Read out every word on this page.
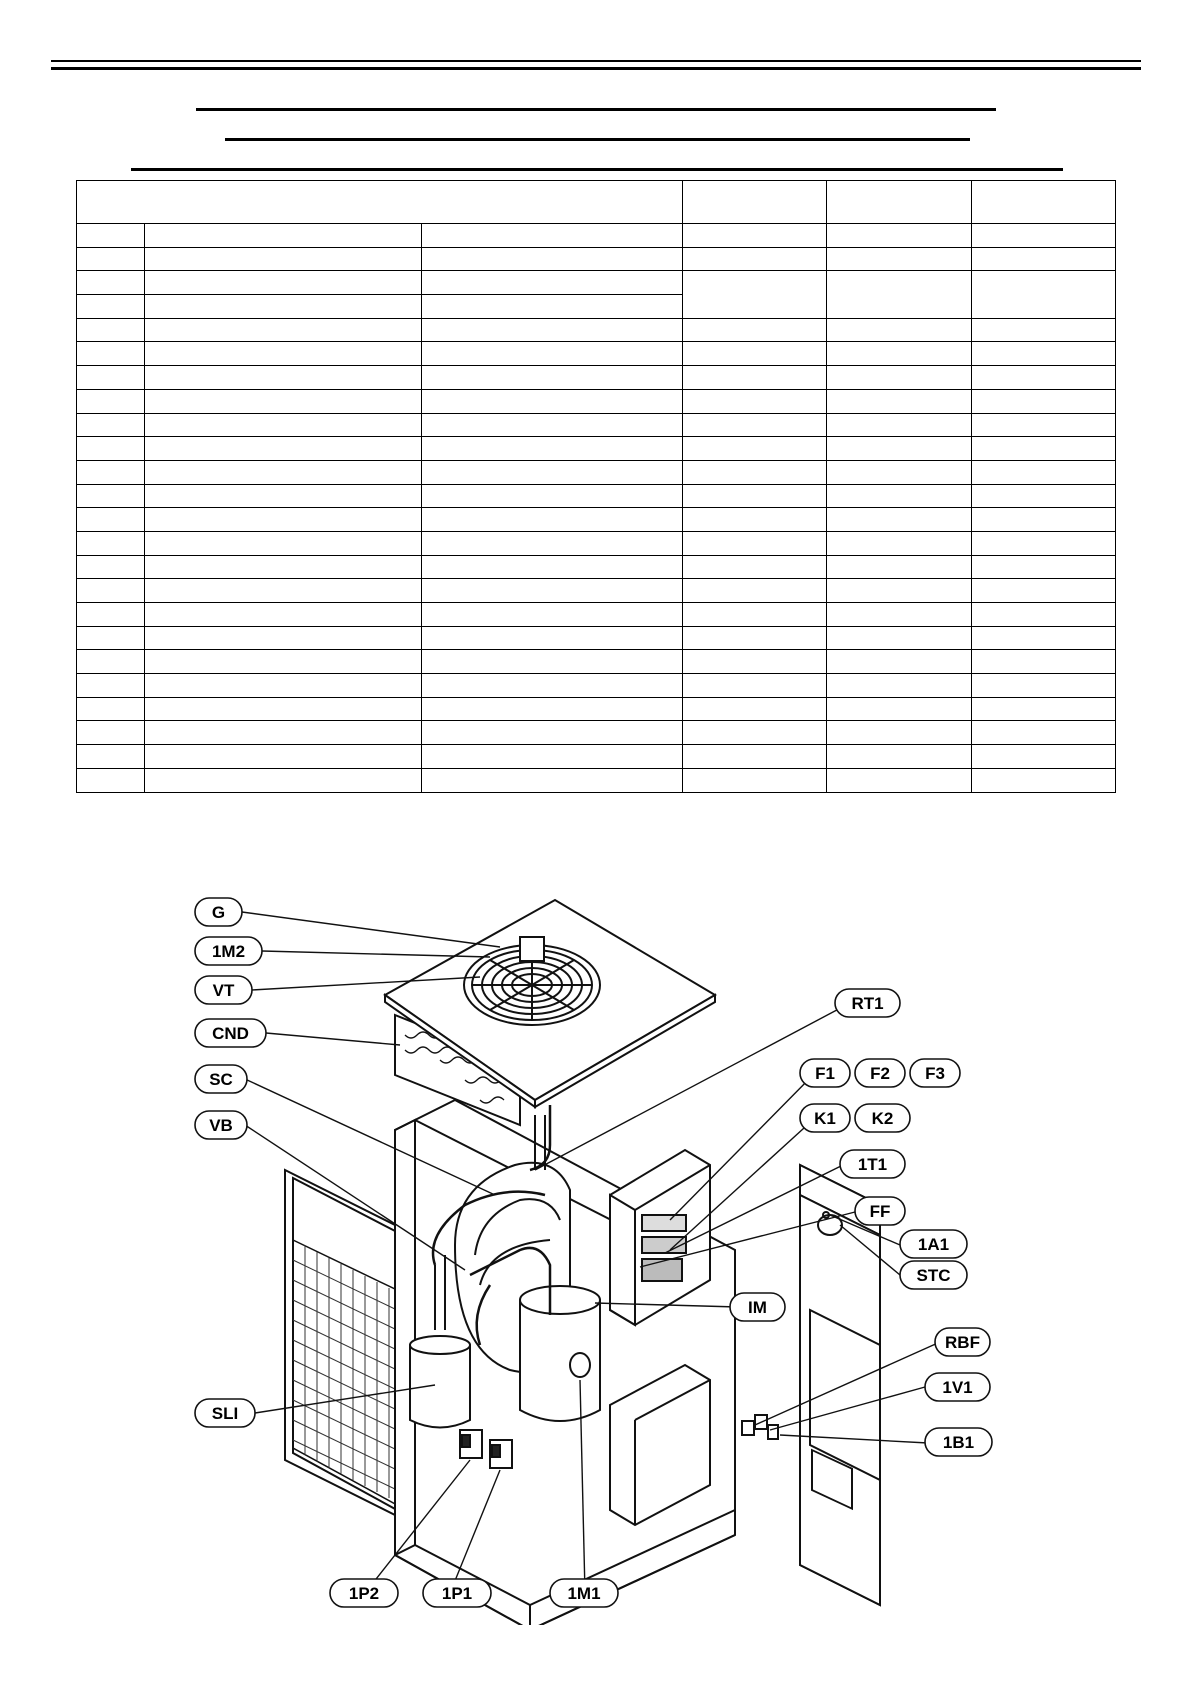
G
1M2
VT
CND
SC
VB
RT1
F1 F2 F3
K1 K2
1T1
FF
1A1
STC
IM
RBF
1V1
1B1
SLI
1P2	1P1	1M1
